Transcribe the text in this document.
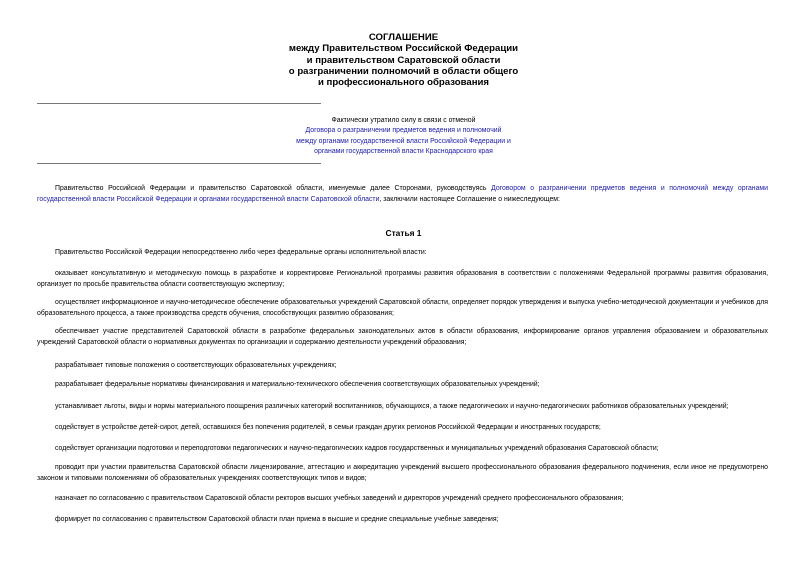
СОГЛАШЕНИЕ
между Правительством Российской Федерации
и правительством Саратовской области
о разграничении полномочий в области общего
и профессионального образования
Фактически утратило силу в связи с отменой
Договора о разграничении предметов ведения и полномочий
между органами государственной власти Российской Федерации и
органами государственной власти Краснодарского края
Правительство Российской Федерации и правительство Саратовской области, именуемые далее Сторонами, руководствуясь Договором о разграничении предметов ведения и полномочий между органами государственной власти Российской Федерации и органами государственной власти Саратовской области, заключили настоящее Соглашение о нижеследующем:
Статья 1
Правительство Российской Федерации непосредственно либо через федеральные органы исполнительной власти:
оказывает консультативную и методическую помощь в разработке и корректировке Региональной программы развития образования в соответствии с положениями Федеральной программы развития образования, организует по просьбе правительства области соответствующую экспертизу;
осуществляет информационное и научно-методическое обеспечение образовательных учреждений Саратовской области, определяет порядок утверждения и выпуска учебно-методической документации и учебников для образовательного процесса, а также производства средств обучения, способствующих развитию образования;
обеспечивает участие представителей Саратовской области в разработке федеральных законодательных актов в области образования, информирование органов управления образованием и образовательных учреждений Саратовской области о нормативных документах по организации и содержанию деятельности учреждений образования;
разрабатывает типовые положения о соответствующих образовательных учреждениях;
разрабатывает федеральные нормативы финансирования и материально-технического обеспечения соответствующих образовательных учреждений;
устанавливает льготы, виды и нормы материального поощрения различных категорий воспитанников, обучающихся, а также педагогических и научно-педагогических работников образовательных учреждений;
содействует в устройстве детей-сирот, детей, оставшихся без попечения родителей, в семьи граждан других регионов Российской Федерации и иностранных государств;
содействует организации подготовки и переподготовки педагогических и научно-педагогических кадров государственных и муниципальных учреждений образования Саратовской области;
проводит при участии правительства Саратовской области лицензирование, аттестацию и аккредитацию учреждений высшего профессионального образования федерального подчинения, если иное не предусмотрено законом и типовыми положениями об образовательных учреждениях соответствующих типов и видов;
назначает по согласованию с правительством Саратовской области ректоров высших учебных заведений и директоров учреждений среднего профессионального образования;
формирует по согласованию с правительством Саратовской области план приема в высшие и средние специальные учебные заведения;
